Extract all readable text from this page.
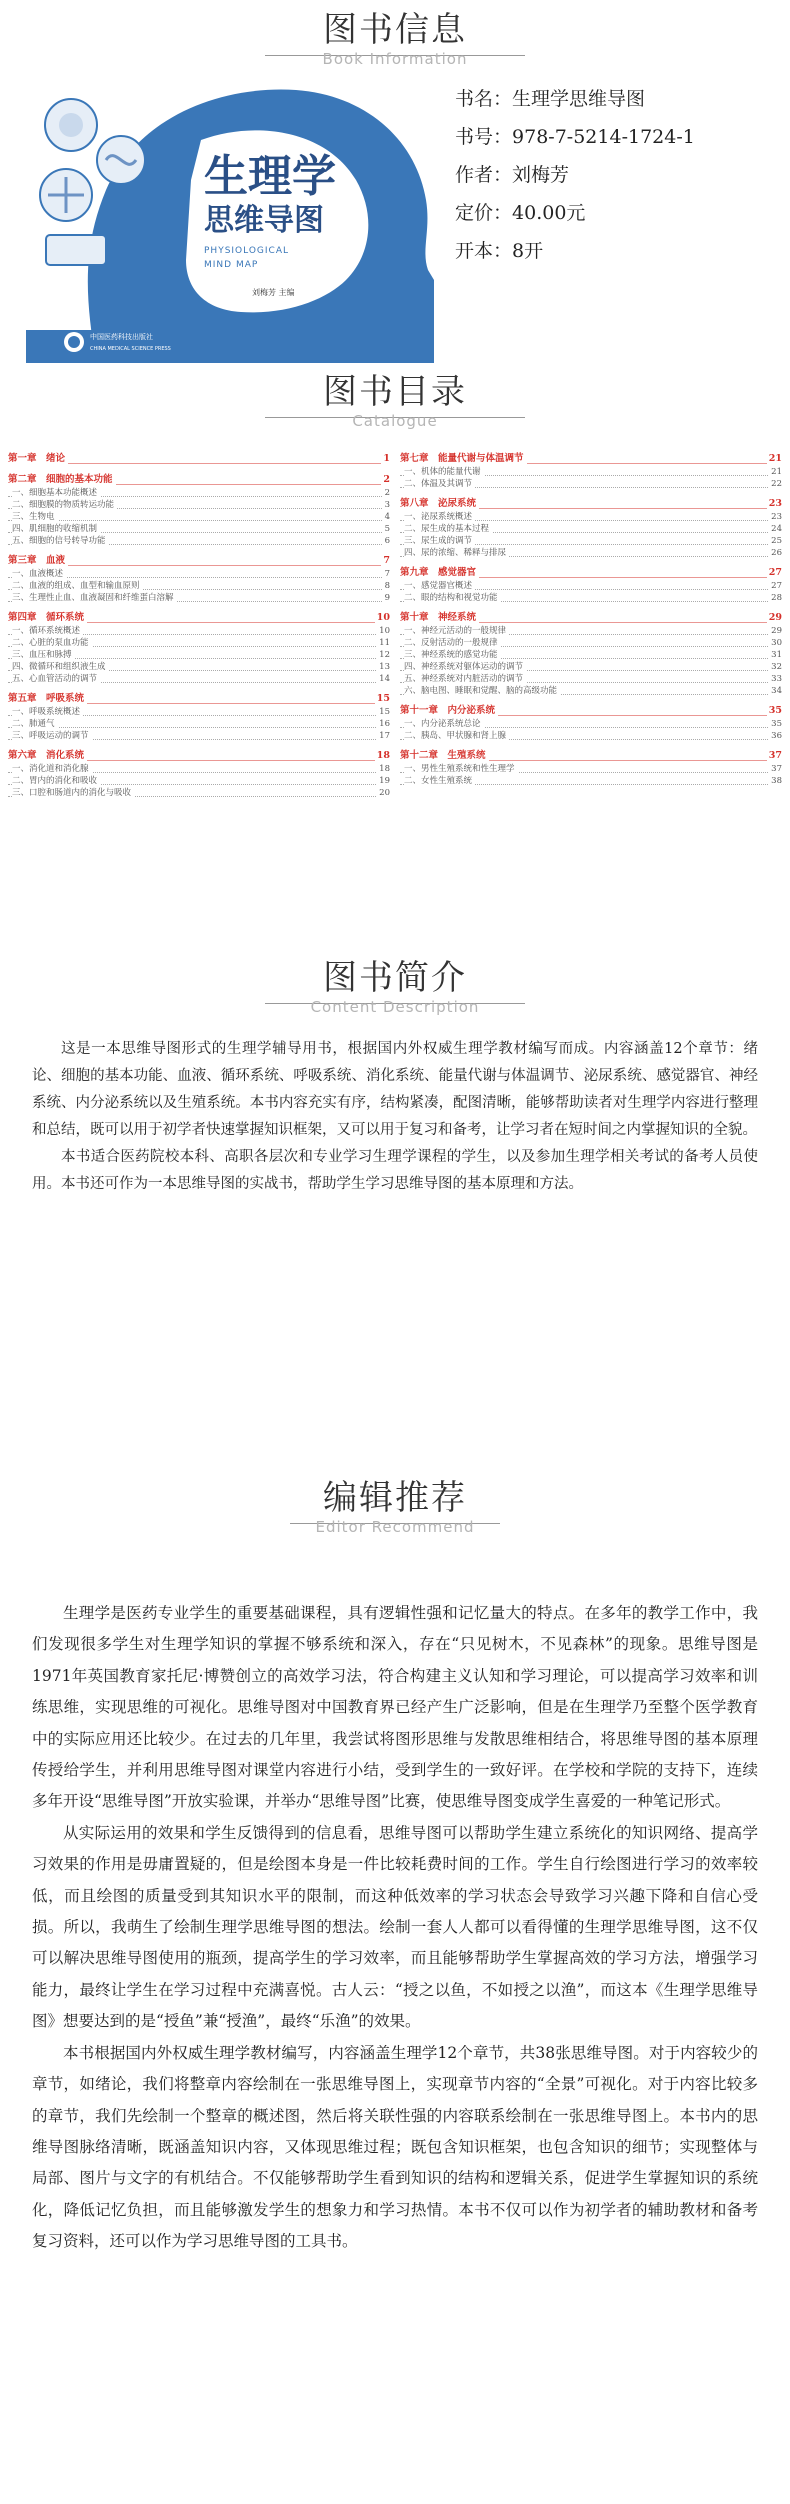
图书信息
Book Information
中国医药科技出版社
CHINA MEDICAL SCIENCE PRESS
生理学
思维导图
PHYSIOLOGICAL
MIND MAP
刘梅芳 主编
书名：生理学思维导图
书号：978-7-5214-1724-1
作者：刘梅芳
定价：40.00元
开本：8开
图书目录
Catalogue
第一章　绪论	1
第二章　细胞的基本功能	2
一、细胞基本功能概述	2
二、细胞膜的物质转运功能	3
三、生物电	4
四、肌细胞的收缩机制	5
五、细胞的信号转导功能	6
第三章　血液	7
一、血液概述	7
二、血液的组成、血型和输血原则	8
三、生理性止血、血液凝固和纤维蛋白溶解	9
第四章　循环系统	10
一、循环系统概述	10
二、心脏的泵血功能	11
三、血压和脉搏	12
四、微循环和组织液生成	13
五、心血管活动的调节	14
第五章　呼吸系统	15
一、呼吸系统概述	15
二、肺通气	16
三、呼吸运动的调节	17
第六章　消化系统	18
一、消化道和消化腺	18
二、胃内的消化和吸收	19
三、口腔和肠道内的消化与吸收	20
第七章　能量代谢与体温调节	21
一、机体的能量代谢	21
二、体温及其调节	22
第八章　泌尿系统	23
一、泌尿系统概述	23
二、尿生成的基本过程	24
三、尿生成的调节	25
四、尿的浓缩、稀释与排尿	26
第九章　感觉器官	27
一、感觉器官概述	27
二、眼的结构和视觉功能	28
第十章　神经系统	29
一、神经元活动的一般规律	29
二、反射活动的一般规律	30
三、神经系统的感觉功能	31
四、神经系统对躯体运动的调节	32
五、神经系统对内脏活动的调节	33
六、脑电图、睡眠和觉醒、脑的高级功能	34
第十一章　内分泌系统	35
一、内分泌系统总论	35
二、胰岛、甲状腺和肾上腺	36
第十二章　生殖系统	37
一、男性生殖系统和性生理学	37
二、女性生殖系统	38
图书简介
Content Description

这是一本思维导图形式的生理学辅导用书，根据国内外权威生理学教材编写而成。内容涵盖12个章节：绪论、细胞的基本功能、血液、循环系统、呼吸系统、消化系统、能量代谢与体温调节、泌尿系统、感觉器官、神经系统、内分泌系统以及生殖系统。本书内容充实有序，结构紧凑，配图清晰，能够帮助读者对生理学内容进行整理和总结，既可以用于初学者快速掌握知识框架，又可以用于复习和备考，让学习者在短时间之内掌握知识的全貌。

本书适合医药院校本科、高职各层次和专业学习生理学课程的学生，以及参加生理学相关考试的备考人员使用。本书还可作为一本思维导图的实战书，帮助学生学习思维导图的基本原理和方法。

编辑推荐
Editor Recommend

生理学是医药专业学生的重要基础课程，具有逻辑性强和记忆量大的特点。在多年的教学工作中，我们发现很多学生对生理学知识的掌握不够系统和深入，存在“只见树木，不见森林”的现象。思维导图是1971年英国教育家托尼·博赞创立的高效学习法，符合构建主义认知和学习理论，可以提高学习效率和训练思维，实现思维的可视化。思维导图对中国教育界已经产生广泛影响，但是在生理学乃至整个医学教育中的实际应用还比较少。在过去的几年里，我尝试将图形思维与发散思维相结合，将思维导图的基本原理传授给学生，并利用思维导图对课堂内容进行小结，受到学生的一致好评。在学校和学院的支持下，连续多年开设“思维导图”开放实验课，并举办“思维导图”比赛，使思维导图变成学生喜爱的一种笔记形式。

从实际运用的效果和学生反馈得到的信息看，思维导图可以帮助学生建立系统化的知识网络、提高学习效果的作用是毋庸置疑的，但是绘图本身是一件比较耗费时间的工作。学生自行绘图进行学习的效率较低，而且绘图的质量受到其知识水平的限制，而这种低效率的学习状态会导致学习兴趣下降和自信心受损。所以，我萌生了绘制生理学思维导图的想法。绘制一套人人都可以看得懂的生理学思维导图，这不仅可以解决思维导图使用的瓶颈，提高学生的学习效率，而且能够帮助学生掌握高效的学习方法，增强学习能力，最终让学生在学习过程中充满喜悦。古人云：“授之以鱼，不如授之以渔”，而这本《生理学思维导图》想要达到的是“授鱼”兼“授渔”，最终“乐渔”的效果。

本书根据国内外权威生理学教材编写，内容涵盖生理学12个章节，共38张思维导图。对于内容较少的章节，如绪论，我们将整章内容绘制在一张思维导图上，实现章节内容的“全景”可视化。对于内容比较多的章节，我们先绘制一个整章的概述图，然后将关联性强的内容联系绘制在一张思维导图上。本书内的思维导图脉络清晰，既涵盖知识内容，又体现思维过程；既包含知识框架，也包含知识的细节；实现整体与局部、图片与文字的有机结合。不仅能够帮助学生看到知识的结构和逻辑关系，促进学生掌握知识的系统化，降低记忆负担，而且能够激发学生的想象力和学习热情。本书不仅可以作为初学者的辅助教材和备考复习资料，还可以作为学习思维导图的工具书。
